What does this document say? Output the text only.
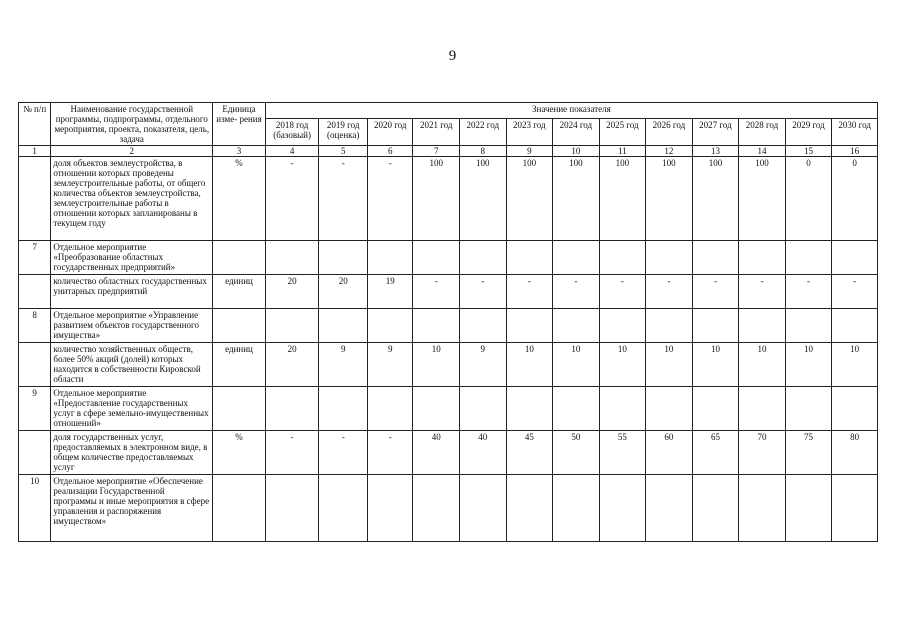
9
№ п/п	Наименование государственной программы, подпрограммы, отдельного мероприятия, проекта, показателя, цель, задача	Единица изме- рения	Значение показателя												
			2018 год (базовый)	2019 год (оценка)	2020 год	2021 год	2022 год	2023 год	2024 год	2025 год	2026 год	2027 год	2028 год	2029 год	2030 год
1	2	3	4	5	6	7	8	9	10	11	12	13	14	15	16
	доля объектов землеустройства, в отношении которых проведены землеустроительные работы, от общего количества объектов землеустройства, землеустроительные работы в отношении которых запланированы в текущем году	%	-	-	-	100	100	100	100	100	100	100	100	0	0
7	Отдельное мероприятие «Преобразование областных государственных предприятий»														
	количество областных государственных унитарных предприятий	единиц	20	20	19	-	-	-	-	-	-	-	-	-	-
8	Отдельное мероприятие «Управление развитием объектов государственного имущества»														
	количество хозяйственных обществ, более 50% акций (долей) которых находится в собственности Кировской области	единиц	20	9	9	10	9	10	10	10	10	10	10	10	10
9	Отдельное мероприятие «Предоставление государственных услуг в сфере земельно-имущественных отношений»														
	доля государственных услуг, предоставляемых в электронном виде, в общем количестве предоставляемых услуг	%	-	-	-	40	40	45	50	55	60	65	70	75	80
10	Отдельное мероприятие «Обеспечение реализации Государственной программы и иные мероприятия в сфере управления и распоряжения имуществом»														
